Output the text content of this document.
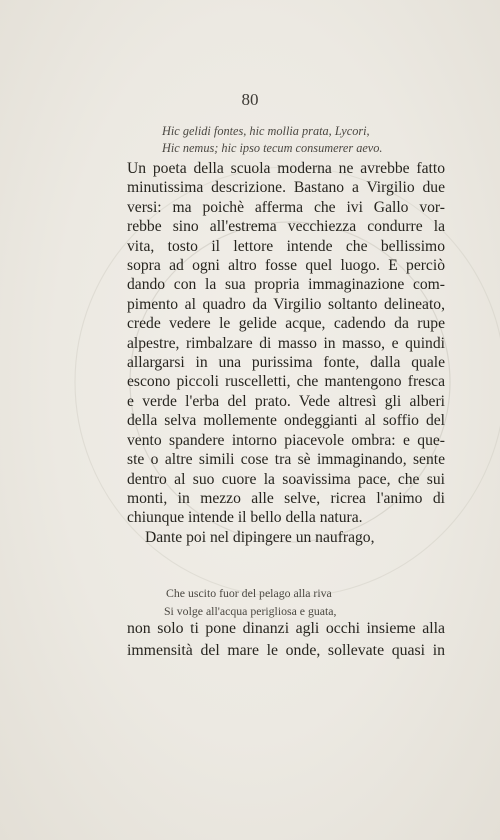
80
Hic gelidi fontes, hic mollia prata, Lycori,
Hic nemus; hic ipso tecum consumerer aevo.
Un poeta della scuola moderna ne avrebbe fatto
minutissima descrizione. Bastano a Virgilio due
versi: ma poichè afferma che ivi Gallo vor-
rebbe sino all'estrema vecchiezza condurre la
vita, tosto il lettore intende che bellissimo
sopra ad ogni altro fosse quel luogo. E perciò
dando con la sua propria immaginazione com-
pimento al quadro da Virgilio soltanto delineato,
crede vedere le gelide acque, cadendo da rupe
alpestre, rimbalzare di masso in masso, e quindi
allargarsi in una purissima fonte, dalla quale
escono piccoli ruscelletti, che mantengono fresca
e verde l'erba del prato. Vede altresì gli alberi
della selva mollemente ondeggianti al soffio del
vento spandere intorno piacevole ombra: e que-
ste o altre simili cose tra sè immaginando, sente
dentro al suo cuore la soavissima pace, che sui
monti, in mezzo alle selve, ricrea l'animo di
chiunque intende il bello della natura.
Dante poi nel dipingere un naufrago,
Che uscito fuor del pelago alla riva
Si volge all'acqua perigliosa e guata,
non solo ti pone dinanzi agli occhi insieme alla
immensità del mare le onde, sollevate quasi in
